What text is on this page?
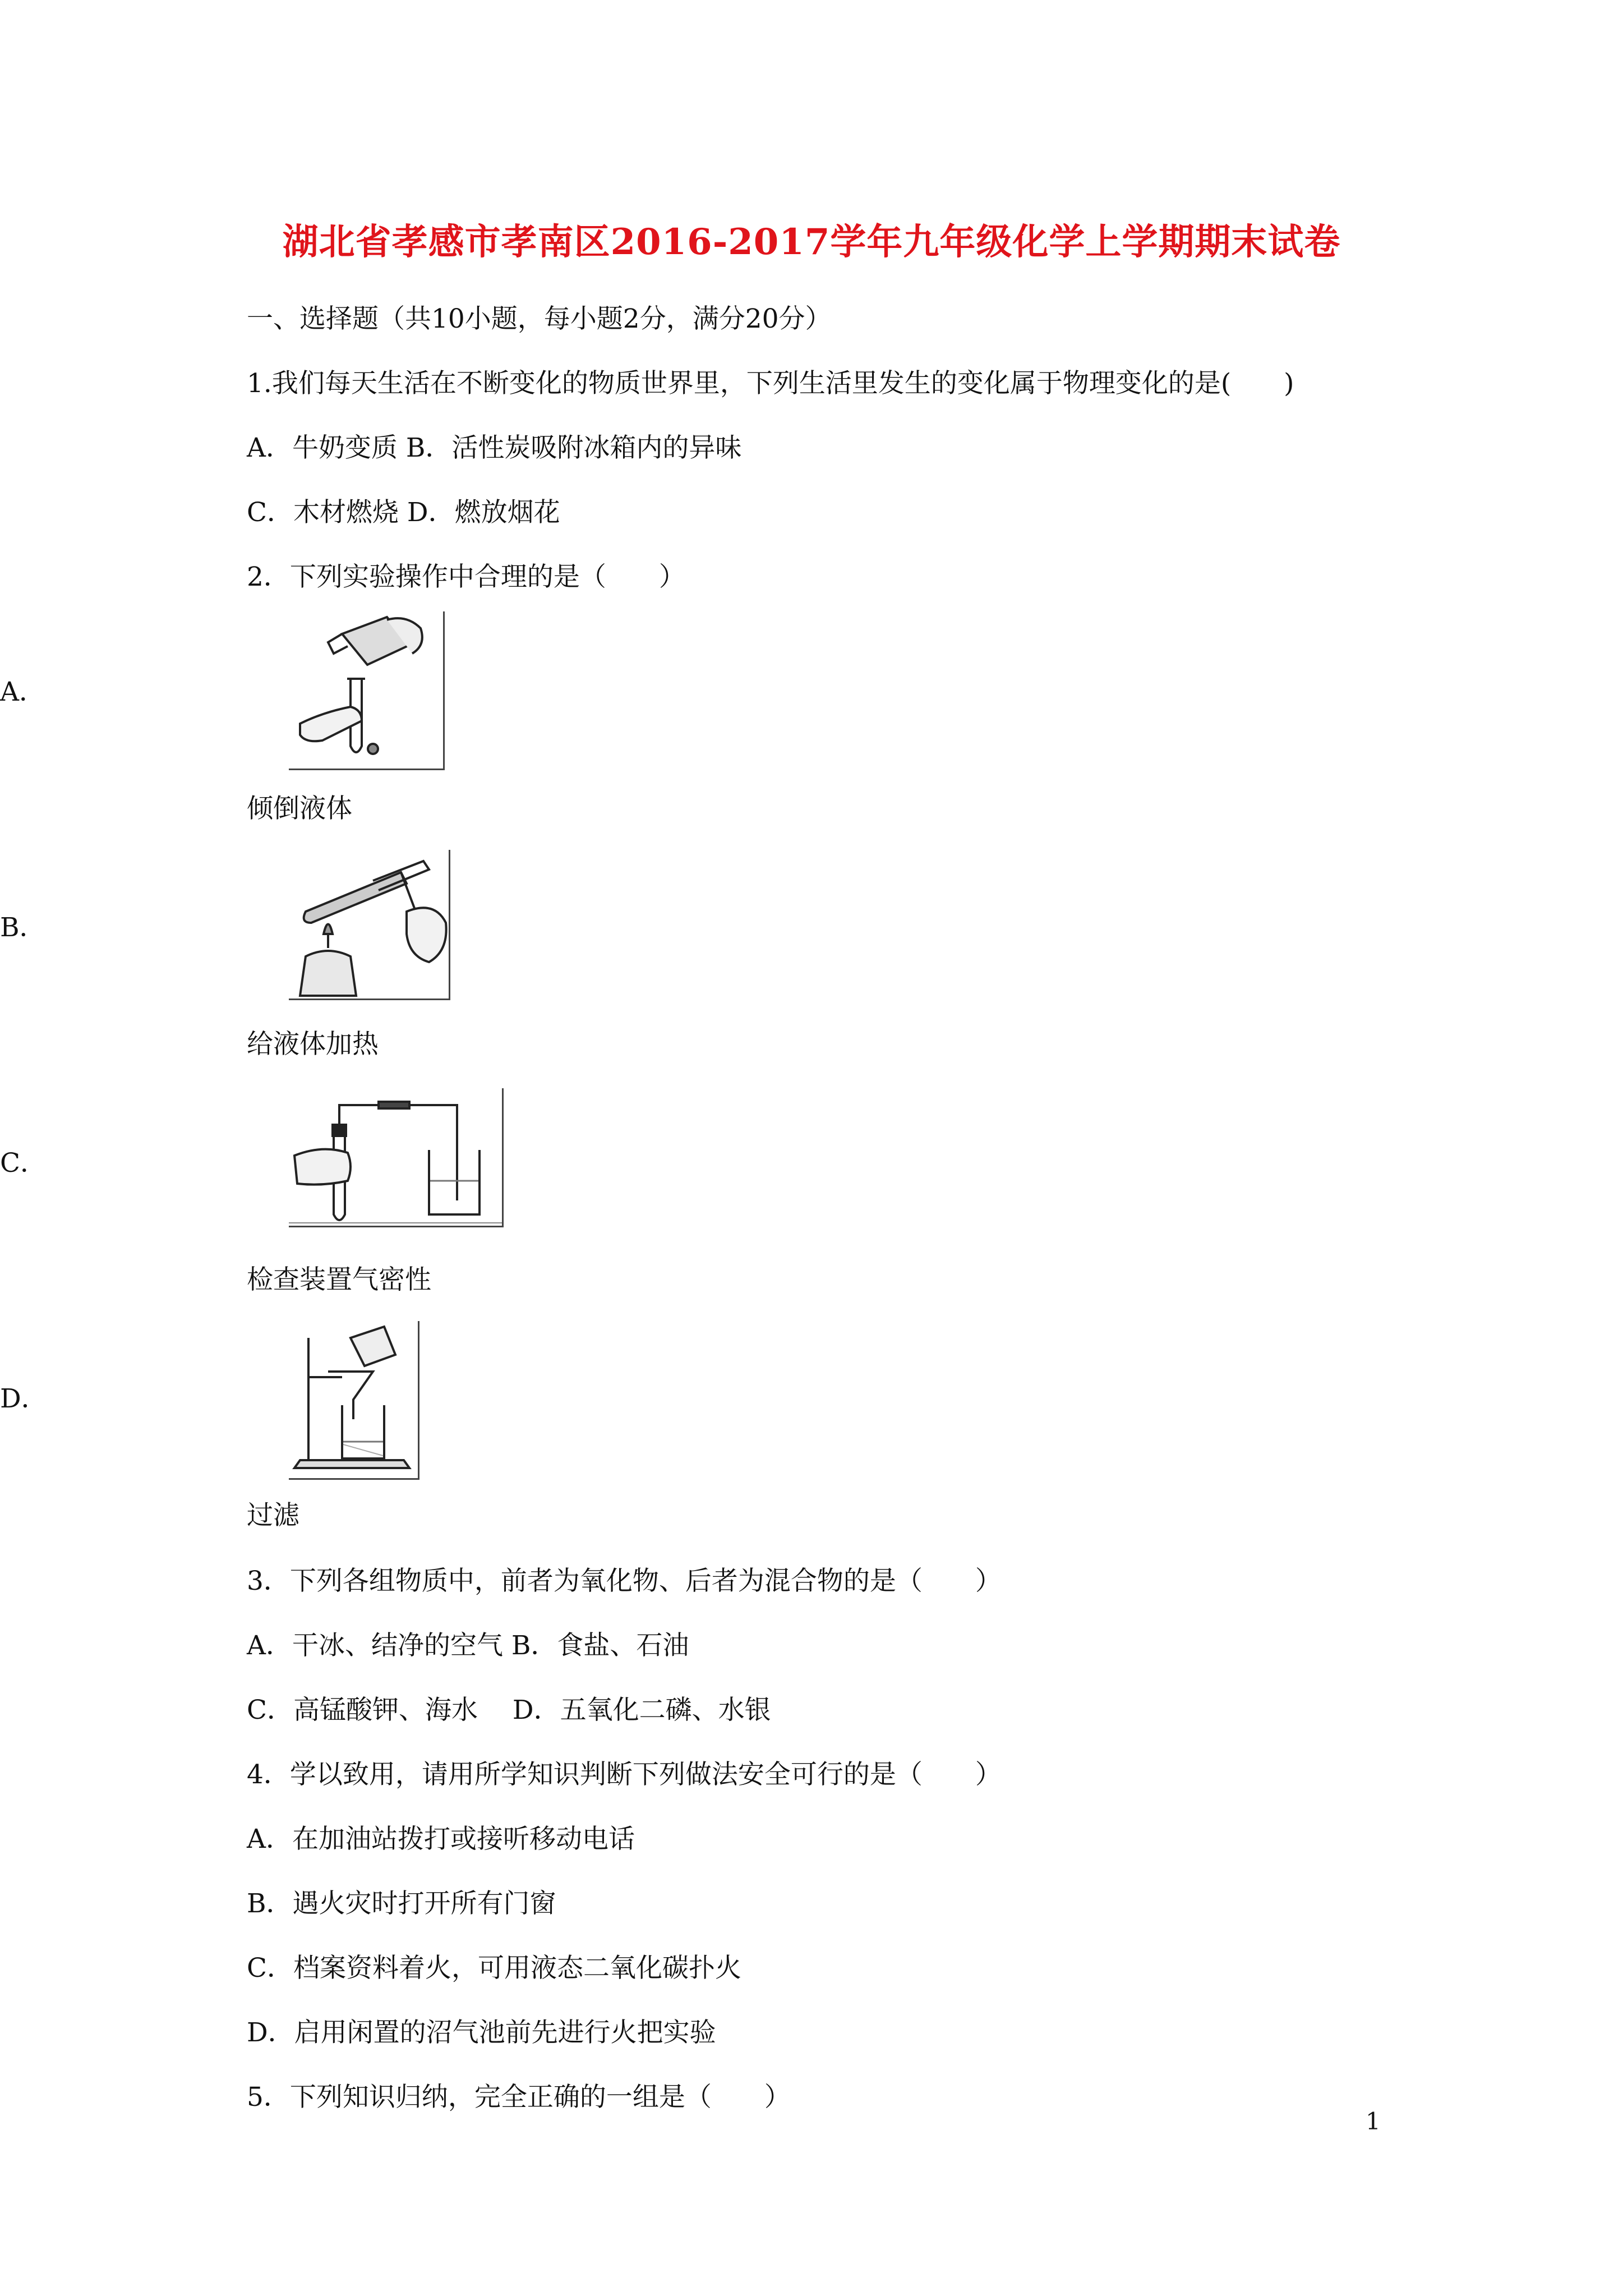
湖北省孝感市孝南区2016-2017学年九年级化学上学期期末试卷
一、选择题（共10小题，每小题2分，满分20分）
1.我们每天生活在不断变化的物质世界里，下列生活里发生的变化属于物理变化的是(　　)
A．牛奶变质 B．活性炭吸附冰箱内的异味
C．木材燃烧 D．燃放烟花
2．下列实验操作中合理的是（　　）
A．
倾倒液体
B．
给液体加热
C．
检查装置气密性
D．
过滤
3．下列各组物质中，前者为氧化物、后者为混合物的是（　　）
A．干冰、结净的空气 B．食盐、石油
C．高锰酸钾、海水　 D．五氧化二磷、水银
4．学以致用，请用所学知识判断下列做法安全可行的是（　　）
A．在加油站拨打或接听移动电话
B．遇火灾时打开所有门窗
C．档案资料着火，可用液态二氧化碳扑火
D．启用闲置的沼气池前先进行火把实验
5．下列知识归纳，完全正确的一组是（　　）
1
